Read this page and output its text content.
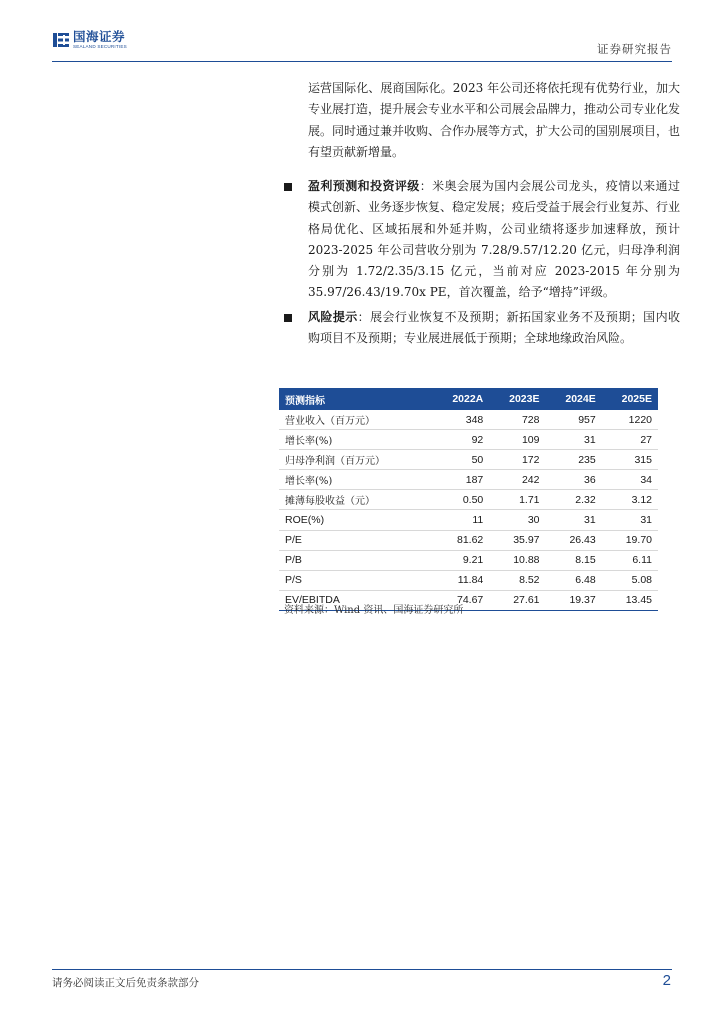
国海证券
SEALAND SECURITIES	证券研究报告

运营国际化、展商国际化。2023 年公司还将依托现有优势行业，加大专业展打造，提升展会专业水平和公司展会品牌力，推动公司专业化发展。同时通过兼并收购、合作办展等方式，扩大公司的国别展项目，也有望贡献新增量。

盈利预测和投资评级：米奥会展为国内会展公司龙头，疫情以来通过模式创新、业务逐步恢复、稳定发展；疫后受益于展会行业复苏、行业格局优化、区域拓展和外延并购，公司业绩将逐步加速释放，预计 2023-2025 年公司营收分别为 7.28/9.57/12.20 亿元，归母净利润分别为 1.72/2.35/3.15 亿元，当前对应 2023-2015 年分别为 35.97/26.43/19.70x PE，首次覆盖，给予“增持”评级。

风险提示：展会行业恢复不及预期；新拓国家业务不及预期；国内收购项目不及预期；专业展进展低于预期；全球地缘政治风险。

预测指标	2022A	2023E	2024E	2025E
营业收入（百万元）	348	728	957	1220
增长率(%)	92	109	31	27
归母净利润（百万元）	50	172	235	315
增长率(%)	187	242	36	34
摊薄每股收益（元）	0.50	1.71	2.32	3.12
ROE(%)	11	30	31	31
P/E	81.62	35.97	26.43	19.70
P/B	9.21	10.88	8.15	6.11
P/S	11.84	8.52	6.48	5.08
EV/EBITDA	74.67	27.61	19.37	13.45
资料来源：Wind 资讯、国海证券研究所
请务必阅读正文后免责条款部分	2
